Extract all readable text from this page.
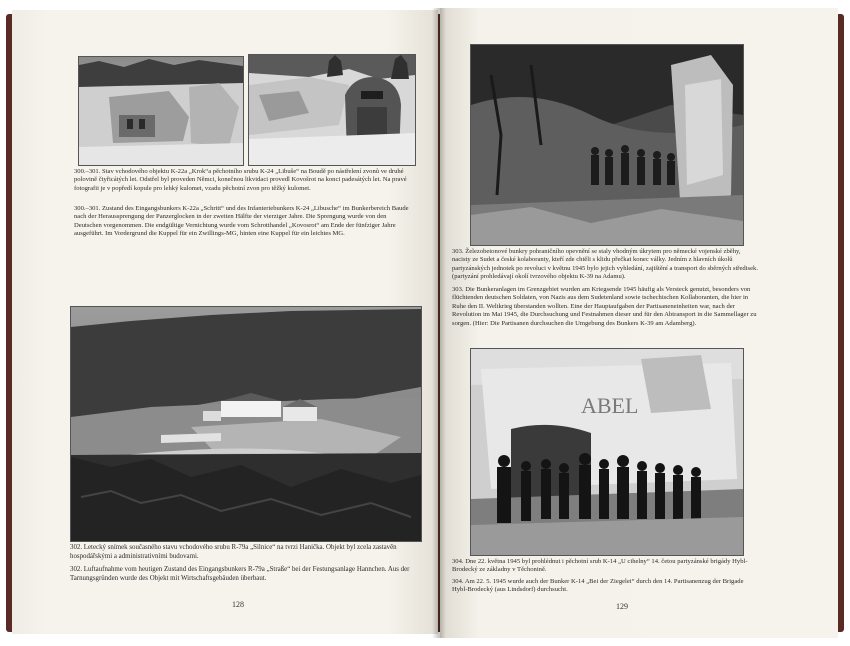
300.–301. Stav vchodového objektu K-22a „Krok“a pěchotního srubu K-24 „Libuše“ na Boudě po nástřelení zvonů ve druhé polovině čtyřicátých let. Odstřel byl proveden Němci, konečnou likvidaci provedl Kovošrot na konci padesátých let. Na pravé fotografii je v popředí kopule pro lehký kulomet, vzadu pěchotní zvon pro těžký kulomet.

300.–301. Zustand des Eingangsbunkers K-22a „Schritt“ und des Infanteriebunkers K-24 „Libusche“ im Bunkerbereich Baude nach der Heraussprengung der Panzerglocken in der zweiten Hälfte der vierziger Jahre. Die Sprengung wurde von den Deutschen vorgenommen. Die endgültige Vernichtung wurde vom Schrotthandel „Kovosrot“ am Ende der fünfziger Jahre ausgeführt. Im Vordergrund die Kuppel für ein Zwillings-MG, hinten eine Kuppel für ein leichtes MG.

302. Letecký snímek současného stavu vchodového srubu R-79a „Silnice“ na tvrzi Hanička. Objekt byl zcela zastavěn hospodářskými a administrativními budovami.

302. Luftaufnahme vom heutigen Zustand des Eingangsbunkers R-79a „Straße“ bei der Festungsanlage Hannchen. Aus der Tarnungsgründen wurde des Objekt mit Wirtschaftsgebäuden überbaut.

128

303. Železobetonové bunkry pohraničního opevnění se staly vhodným úkrytem pro německé vojenské zběhy, nacisty ze Sudet a české kolaboranty, kteří zde chtěli s klidu přečkat konec války. Jedním z hlavních úkolů partyzánských jednotek po revoluci v květnu 1945 bylo jejich vyhledání, zajištění a transport do sběrných středisek. (partyzání prohledávají okolí tvrzového objektu K-39 na Adamu).

303. Die Bunkeranlagen im Grenzgebiet wurden am Kriegsende 1945 häufig als Versteck genutzt, besonders von flüchtenden deutschen Soldaten, von Nazis aus dem Sudetenland sowie tschechischen Kollaboranten, die hier in Ruhe den II. Weltkrieg überstanden wollten. Eine der Hauptaufgaben der Partisaneneinheiten war, nach der Revolution im Mai 1945, die Durchsuchung und Festnahmen dieser und für den Abtransport in die Sammellager zu sorgen. (Hier: Die Partisanen durchsuchen die Umgebung des Bunkers K-39 am Adamberg).

ABEL

304. Dne 22. května 1945 byl prohlédnut i pěchotní srub K-14 „U cihelny“ 14. četou partyzánské brigády Hybl-Brodecký ze základny v Těchonině.

304. Am 22. 5. 1945 wurde auch der Bunker K-14 „Bei der Ziegelei“ durch den 14. Partisanenzug der Brigade Hybl-Brodecký (aus Lindsdorf) durchsucht.

129
